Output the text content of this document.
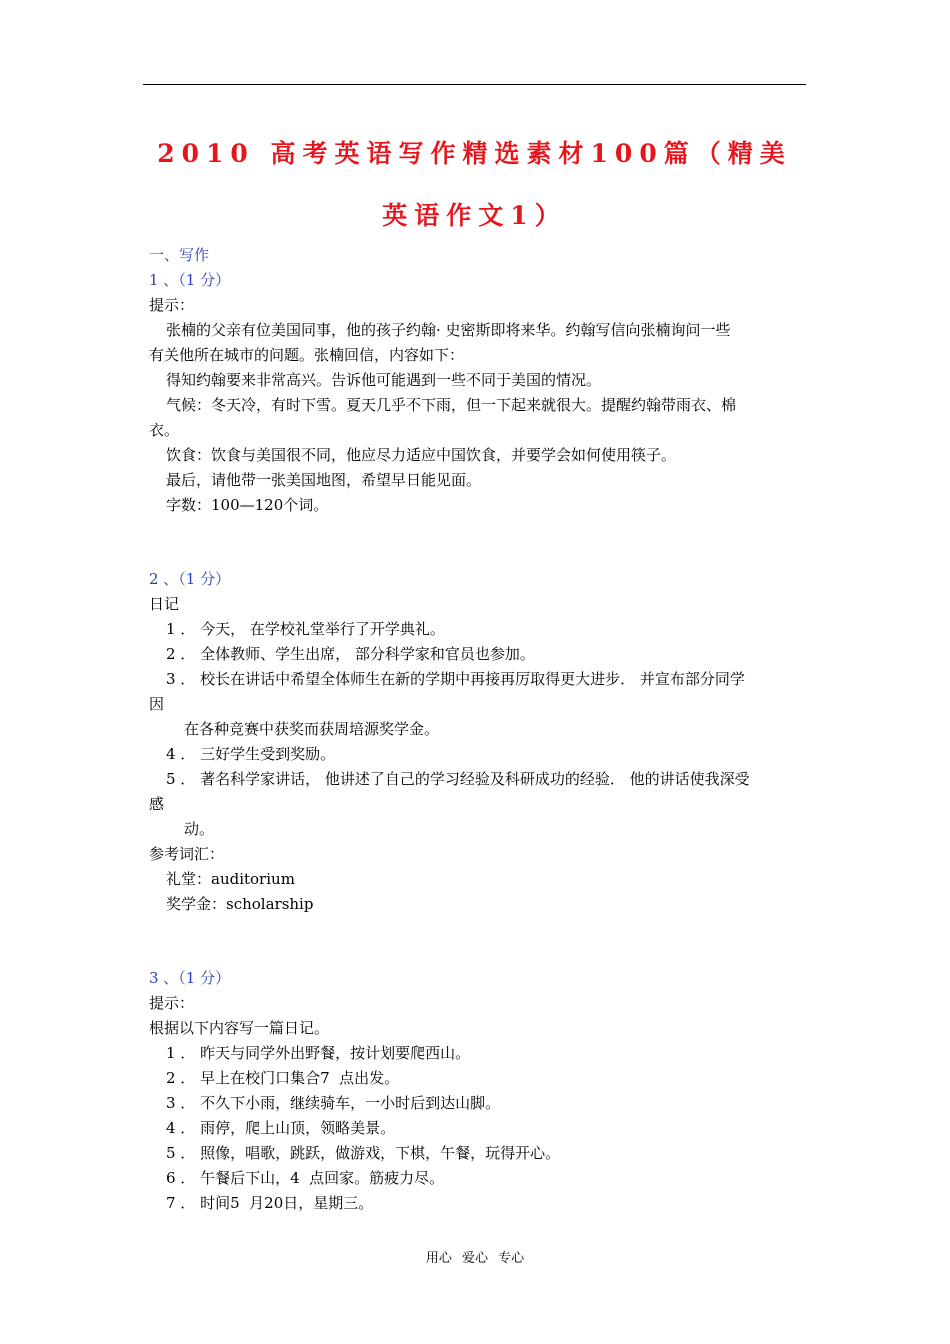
2010 高考英语写作精选素材100篇（精美
英语作文1）
一、写作
1 、（1 分）
提示：
张楠的父亲有位美国同事，他的孩子约翰· 史密斯即将来华。约翰写信向张楠询问一些
有关他所在城市的问题。张楠回信，内容如下：
得知约翰要来非常高兴。告诉他可能遇到一些不同于美国的情况。
气候：冬天冷，有时下雪。夏天几乎不下雨，但一下起来就很大。提醒约翰带雨衣、棉
衣。
饮食：饮食与美国很不同，他应尽力适应中国饮食，并要学会如何使用筷子。
最后，请他带一张美国地图，希望早日能见面。
字数：100—120个词。
2 、（1 分）
日记
1 ． 今天， 在学校礼堂举行了开学典礼。
2 ． 全体教师、学生出席， 部分科学家和官员也参加。
3 ． 校长在讲话中希望全体师生在新的学期中再接再厉取得更大进步． 并宣布部分同学
因
在各种竞赛中获奖而获周培源奖学金。
4 ． 三好学生受到奖励。
5 ． 著名科学家讲话， 他讲述了自己的学习经验及科研成功的经验． 他的讲话使我深受
感
动。
参考词汇：
礼堂：auditorium
奖学金：scholarship
3 、（1 分）
提示：
根据以下内容写一篇日记。
1 ． 昨天与同学外出野餐，按计划要爬西山。
2 ． 早上在校门口集合7  点出发。
3 ． 不久下小雨，继续骑车，一小时后到达山脚。
4 ． 雨停，爬上山顶，领略美景。
5 ． 照像，唱歌，跳跃，做游戏，下棋，午餐，玩得开心。
6 ． 午餐后下山，4  点回家。筋疲力尽。
7 ． 时间5  月20日，星期三。
用心 爱心 专心
